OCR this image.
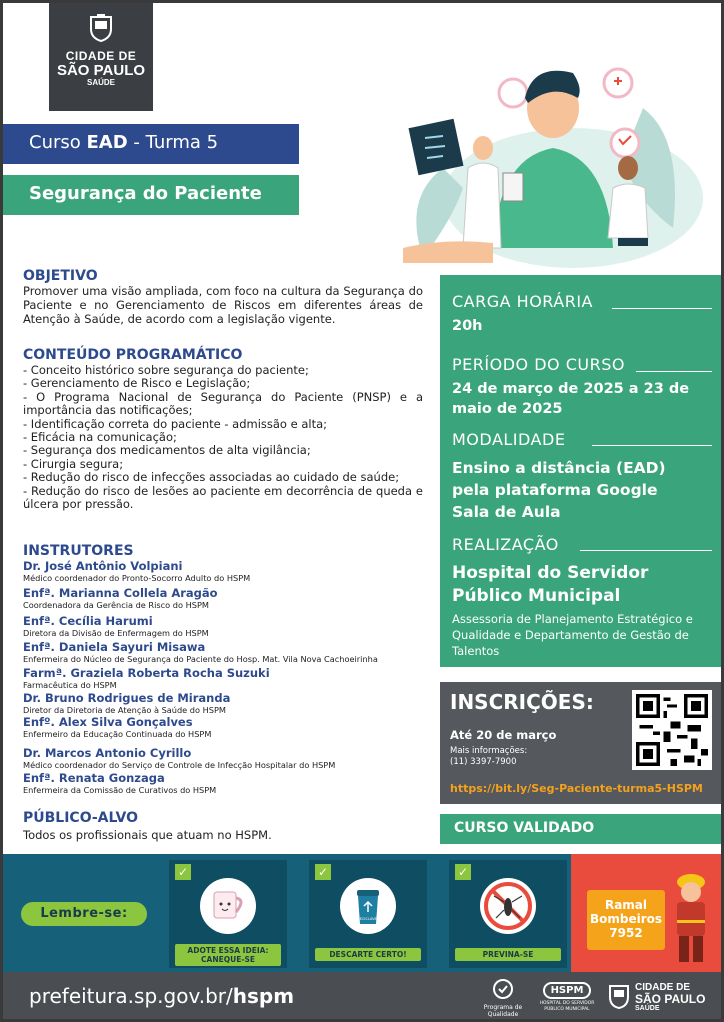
CIDADE DE
SÃO PAULO
SAÚDE
Curso EAD - Turma 5
Segurança do Paciente
OBJETIVO
Promover uma visão ampliada, com foco na cultura da Segurança do Paciente e no Gerenciamento de Riscos em diferentes áreas de Atenção à Saúde, de acordo com a legislação vigente.
CONTEÚDO PROGRAMÁTICO
- Conceito histórico sobre segurança do paciente;
- Gerenciamento de Risco e Legislação;
- O Programa Nacional de Segurança do Paciente (PNSP) e a importância das notificações;
- Identificação correta do paciente - admissão e alta;
- Eficácia na comunicação;
- Segurança dos medicamentos de alta vigilância;
- Cirurgia segura;
- Redução do risco de infecções associadas ao cuidado de saúde;
- Redução do risco de lesões ao paciente em decorrência de queda e úlcera por pressão.
INSTRUTORES
Dr. José Antônio Volpiani
Médico coordenador do Pronto-Socorro Adulto do HSPM
Enfª. Marianna Collela Aragão
Coordenadora da Gerência de Risco do HSPM
Enfª. Cecília Harumi
Diretora da Divisão de Enfermagem do HSPM
Enfª. Daniela Sayuri Misawa
Enfermeira do Núcleo de Segurança do Paciente do Hosp. Mat. Vila Nova Cachoeirinha
Farmª. Graziela Roberta Rocha Suzuki
Farmacêutica do HSPM
Dr. Bruno Rodrigues de Miranda
Diretor da Diretoria de Atenção à Saúde do HSPM
Enfº. Alex Silva Gonçalves
Enfermeiro da Educação Continuada do HSPM
Dr. Marcos Antonio Cyrillo
Médico coordenador do Serviço de Controle de Infecção Hospitalar do HSPM
Enfª. Renata Gonzaga
Enfermeira da Comissão de Curativos do HSPM
PÚBLICO-ALVO
Todos os profissionais que atuam no HSPM.
CARGA HORÁRIA
20h
PERÍODO DO CURSO
24 de março de 2025 a 23 de maio de 2025
MODALIDADE
Ensino a distância (EAD) pela plataforma Google Sala de Aula
REALIZAÇÃO
Hospital do Servidor Público Municipal
Assessoria de Planejamento Estratégico e Qualidade e Departamento de Gestão de Talentos
INSCRIÇÕES:
Até 20 de março
Mais informações:
(11) 3397-7900
https://bit.ly/Seg-Paciente-turma5-HSPM
CURSO VALIDADO
Lembre-se:
✓
ADOTE ESSA IDEIA: CANEQUE-SE
✓
RECICLÁVEL
DESCARTE CERTO!
✓
PREVINA-SE
Ramal
Bombeiros
7952
prefeitura.sp.gov.br/hspm	Programa de Qualidade
HSPM
HOSPITAL DO SERVIDOR PÚBLICO MUNICIPAL
CIDADE DE
SÃO PAULO
SAÚDE
